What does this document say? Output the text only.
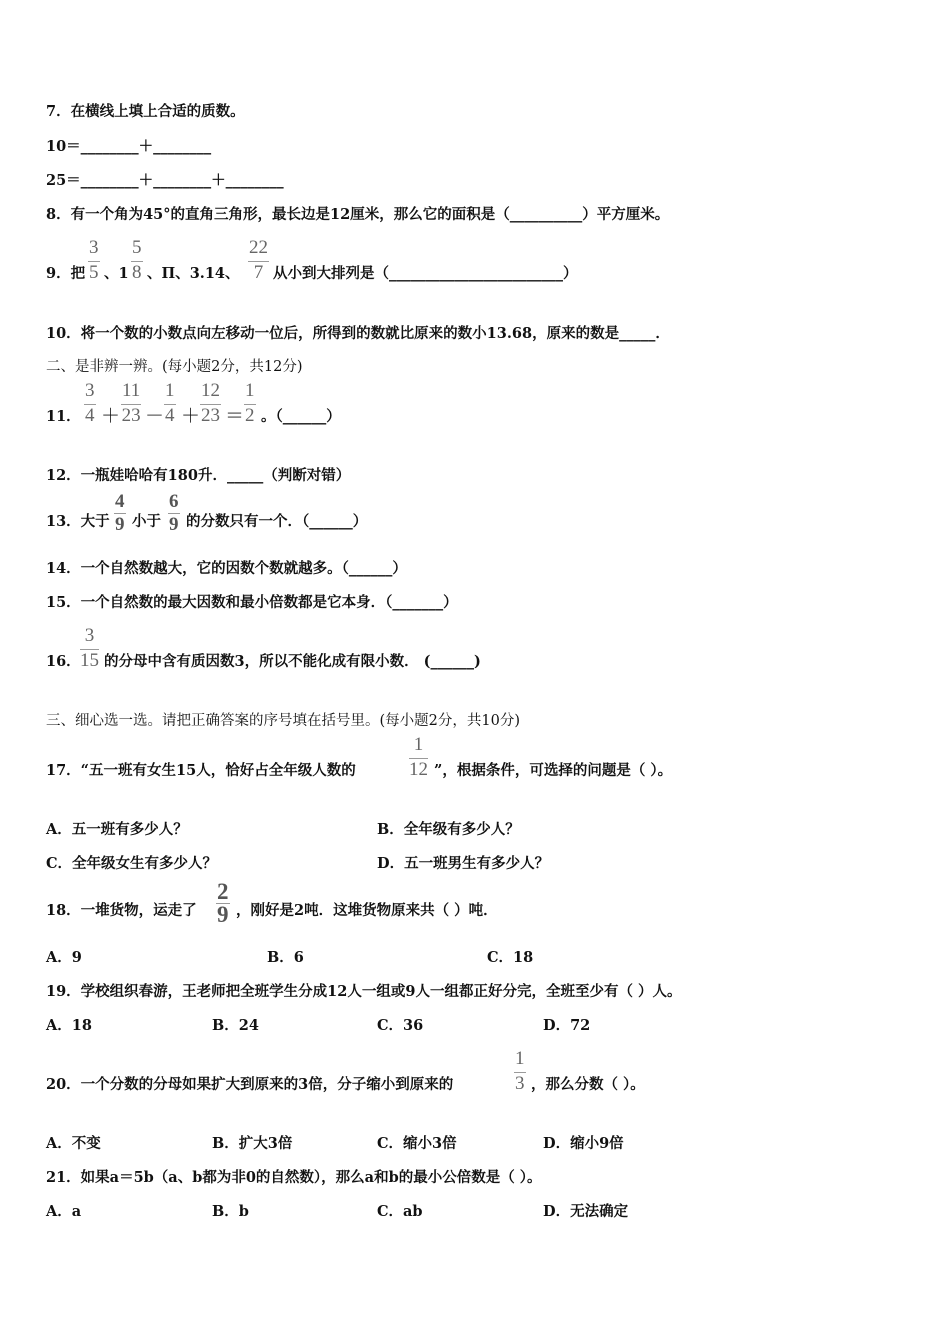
7．在横线上填上合适的质数。
10＝________＋________
25＝________＋________＋________
8．有一个角为45°的直角三角形，最长边是12厘米，那么它的面积是（__________）平方厘米。
9．把 $\frac{3}{5}$ 、$1 \frac{5}{8}$ 、Π、3.14、 $\frac{22}{7}$ 从小到大排列是（________________________）
10．将一个数的小数点向左移动一位后，所得到的数就比原来的数小13.68，原来的数是_____．
二、是非辨一辨。(每小题2分，共12分)
11． $\frac{3}{4} + \frac{11}{23} - \frac{1}{4} + \frac{12}{23} = \frac{1}{2}$ 。（______）
12．一瓶娃哈哈有180升．_____（判断对错）
13．大于 $\frac{4}{9}$ 小于 $\frac{6}{9}$ 的分数只有一个．（______）
14．一个自然数越大，它的因数个数就越多。（______）
15．一个自然数的最大因数和最小倍数都是它本身．（_______）
16． $\frac{3}{15}$ 的分母中含有质因数3，所以不能化成有限小数． (______)
三、细心选一选。请把正确答案的序号填在括号里。(每小题2分，共10分)
17．“五一班有女生15人，恰好占全年级人数的	$\frac{1}{12}$ ”，根据条件，可选择的问题是（ ）。
A．五一班有多少人？	B．全年级有多少人？
C．全年级女生有多少人？	D．五一班男生有多少人？
18．一堆货物，运走了 $\frac{2}{9}$ ，刚好是2吨．这堆货物原来共（ ）吨．
A．9	B．6	C．18
19．学校组织春游，王老师把全班学生分成12人一组或9人一组都正好分完，全班至少有（ ）人。
A．18	B．24	C．36	D．72
20．一个分数的分母如果扩大到原来的3倍，分子缩小到原来的	$\frac{1}{3}$ ，那么分数（ ）。
A．不变	B．扩大3倍	C．缩小3倍	D．缩小9倍
21．如果a＝5b（a、b都为非0的自然数），那么a和b的最小公倍数是（ ）。
A．a	B．b	C．ab	D．无法确定
